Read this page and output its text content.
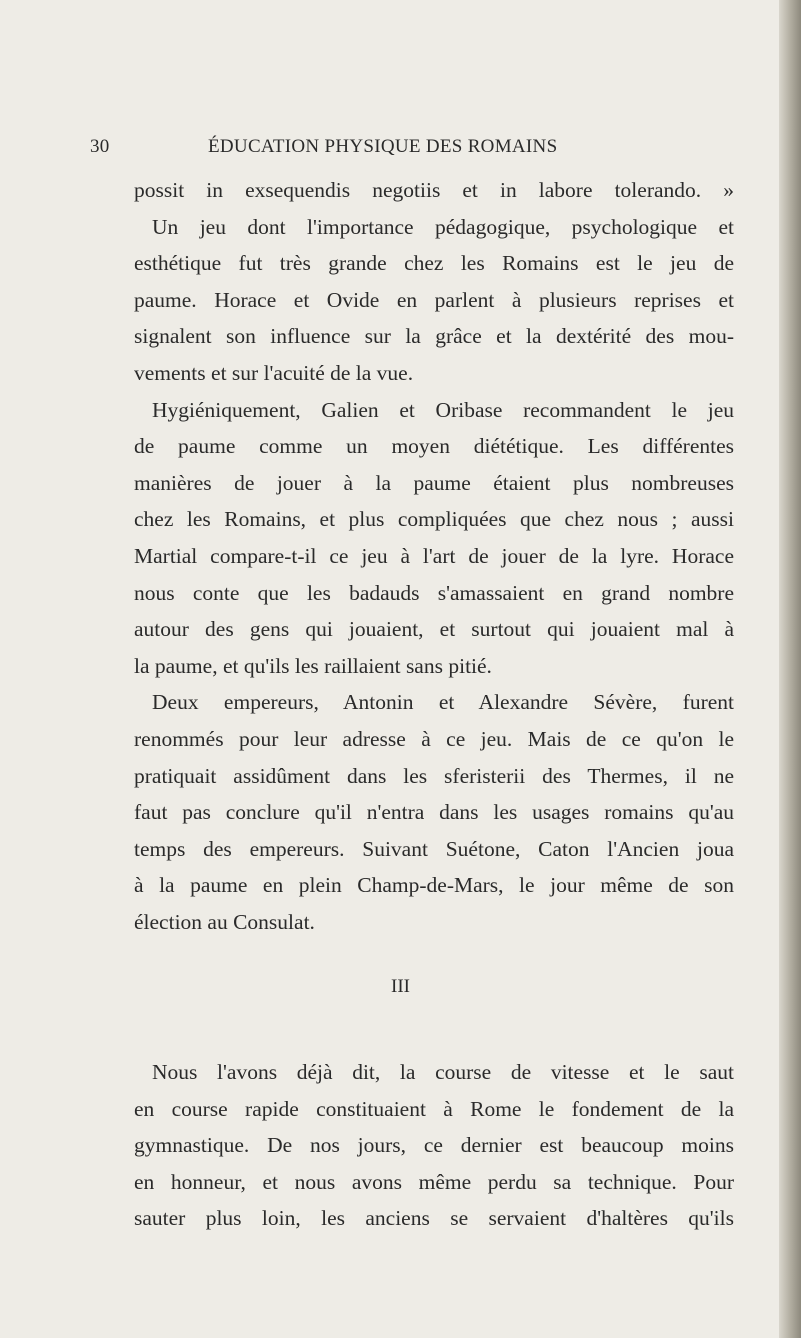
30	ÉDUCATION PHYSIQUE DES ROMAINS
possit in exsequendis negotiis et in labore tolerando. »
Un jeu dont l'importance pédagogique, psychologique et
esthétique fut très grande chez les Romains est le jeu de
paume. Horace et Ovide en parlent à plusieurs reprises et
signalent son influence sur la grâce et la dextérité des mou-
vements et sur l'acuité de la vue.
Hygiéniquement, Galien et Oribase recommandent le jeu
de paume comme un moyen diététique. Les différentes
manières de jouer à la paume étaient plus nombreuses
chez les Romains, et plus compliquées que chez nous ; aussi
Martial compare-t-il ce jeu à l'art de jouer de la lyre. Horace
nous conte que les badauds s'amassaient en grand nombre
autour des gens qui jouaient, et surtout qui jouaient mal à
la paume, et qu'ils les raillaient sans pitié.
Deux empereurs, Antonin et Alexandre Sévère, furent
renommés pour leur adresse à ce jeu. Mais de ce qu'on le
pratiquait assidûment dans les sferisterii des Thermes, il ne
faut pas conclure qu'il n'entra dans les usages romains qu'au
temps des empereurs. Suivant Suétone, Caton l'Ancien joua
à la paume en plein Champ-de-Mars, le jour même de son
élection au Consulat.
III
Nous l'avons déjà dit, la course de vitesse et le saut
en course rapide constituaient à Rome le fondement de la
gymnastique. De nos jours, ce dernier est beaucoup moins
en honneur, et nous avons même perdu sa technique. Pour
sauter plus loin, les anciens se servaient d'haltères qu'ils
